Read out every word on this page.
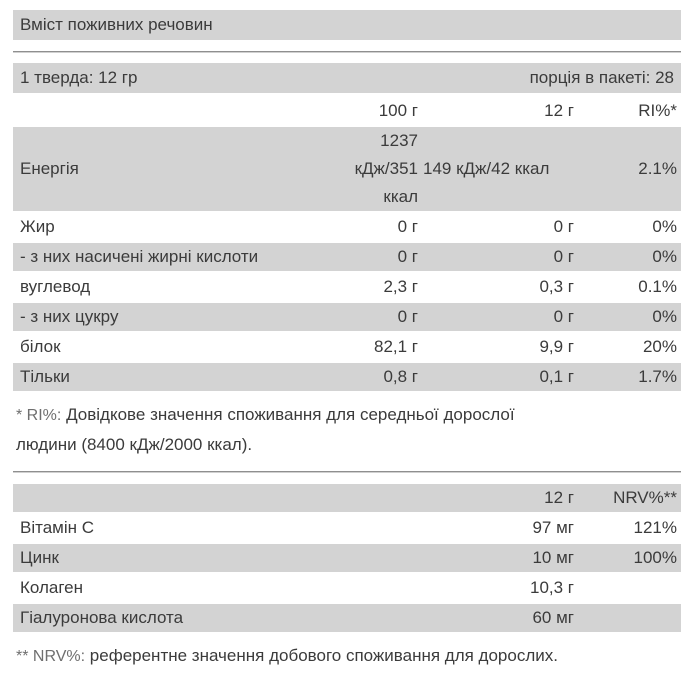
Вміст поживних речовин
1 тверда: 12 гр	порція в пакеті: 28
	100 г	12 г	RI%*
Енергія	1237 кДж/351 ккал	149 кДж/42 ккал	2.1%
Жир	0 г	0 г	0%
- з них насичені жирні кислоти	0 г	0 г	0%
вуглевод	2,3 г	0,3 г	0.1%
- з них цукру	0 г	0 г	0%
білок	82,1 г	9,9 г	20%
Тільки	0,8 г	0,1 г	1.7%
* RI%: Довідкове значення споживання для середньої дорослої людини (8400 кДж/2000 ккал).
	12 г	NRV%**
Вітамін С	97 мг	121%
Цинк	10 мг	100%
Колаген	10,3 г	
Гіалуронова кислота	60 мг	
** NRV%: референтне значення добового споживання для дорослих.
